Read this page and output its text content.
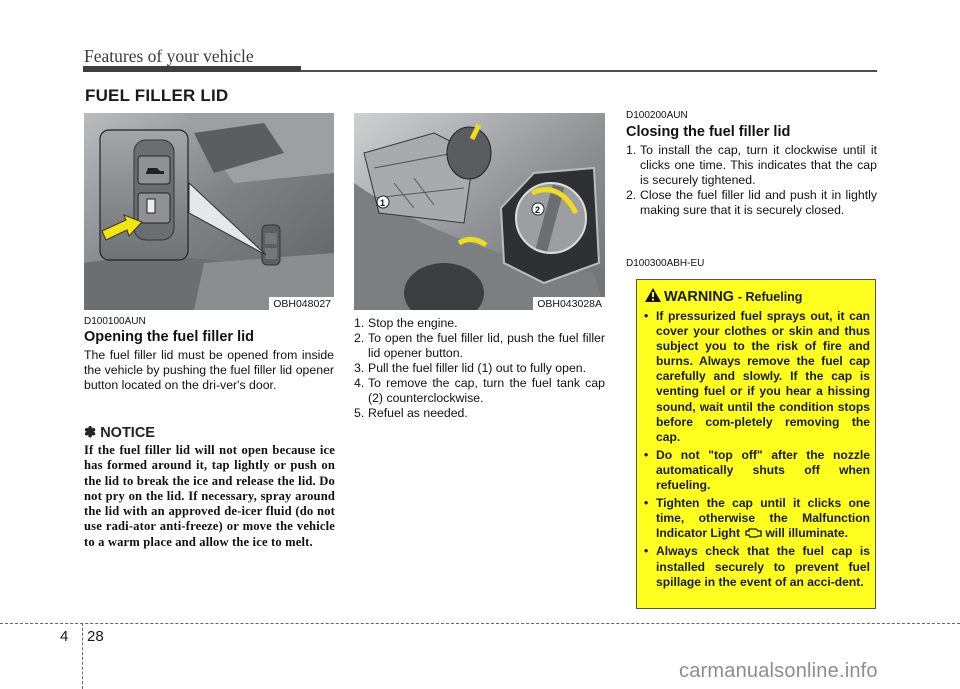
Features of your vehicle
FUEL FILLER LID
OBH048027
1
2
OBH043028A
D100100AUN
Opening the fuel filler lid
The fuel filler lid must be opened from inside the vehicle by pushing the fuel filler lid opener button located on the dri-ver's door.
✽ NOTICE
If the fuel filler lid will not open because ice has formed around it, tap lightly or push on the lid to break the ice and release the lid. Do not pry on the lid. If necessary, spray around the lid with an approved de-icer fluid (do not use radi-ator anti-freeze) or move the vehicle to a warm place and allow the ice to melt.
1. Stop the engine.
2. To open the fuel filler lid, push the fuel filler lid opener button.
3. Pull the fuel filler lid (1) out to fully open.
4. To remove the cap, turn the fuel tank cap (2) counterclockwise.
5. Refuel as needed.
D100200AUN
Closing the fuel filler lid
1. To install the cap, turn it clockwise until it clicks one time. This indicates that the cap is securely tightened.
2. Close the fuel filler lid and push it in lightly making sure that it is securely closed.
D100300ABH-EU
WARNING - Refueling
• If pressurized fuel sprays out, it can cover your clothes or skin and thus subject you to the risk of fire and burns. Always remove the fuel cap carefully and slowly. If the cap is venting fuel or if you hear a hissing sound, wait until the condition stops before com-pletely removing the cap.
• Do not "top off" after the nozzle automatically shuts off when refueling.
• Tighten the cap until it clicks one time, otherwise the Malfunction Indicator Light will illuminate.
• Always check that the fuel cap is installed securely to prevent fuel spillage in the event of an acci-dent.
4 28
carmanualsonline.info
